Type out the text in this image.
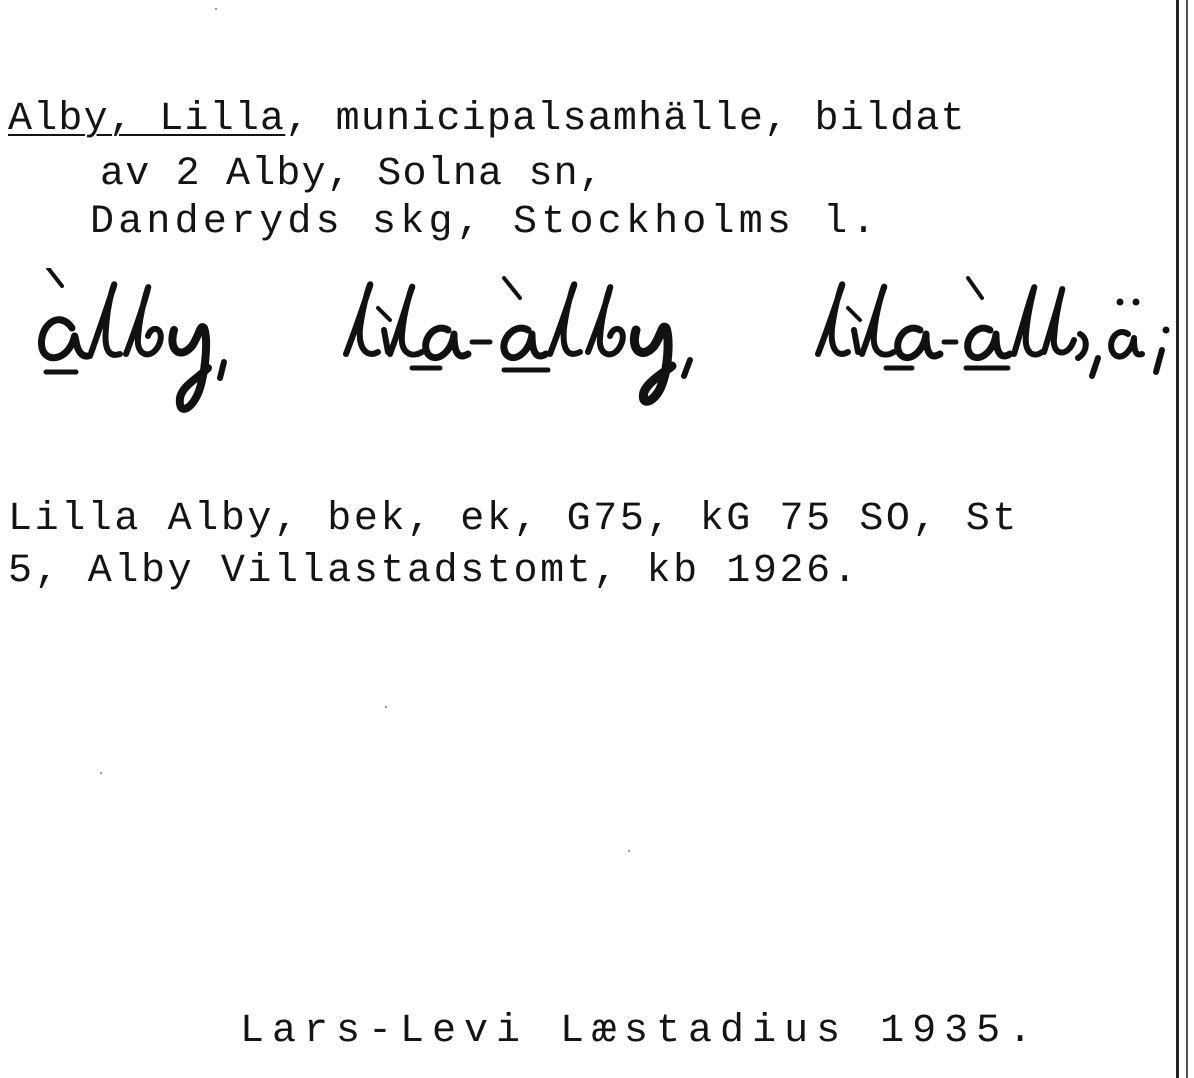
Alby, Lilla, municipalsamhälle, bildat
av 2 Alby, Solna sn,
Danderyds skg, Stockholms l.
Lilla Alby, bek, ek, G75, kG 75 SO, St
5, Alby Villastadstomt, kb 1926.
Lars-Levi Læstadius 1935.
